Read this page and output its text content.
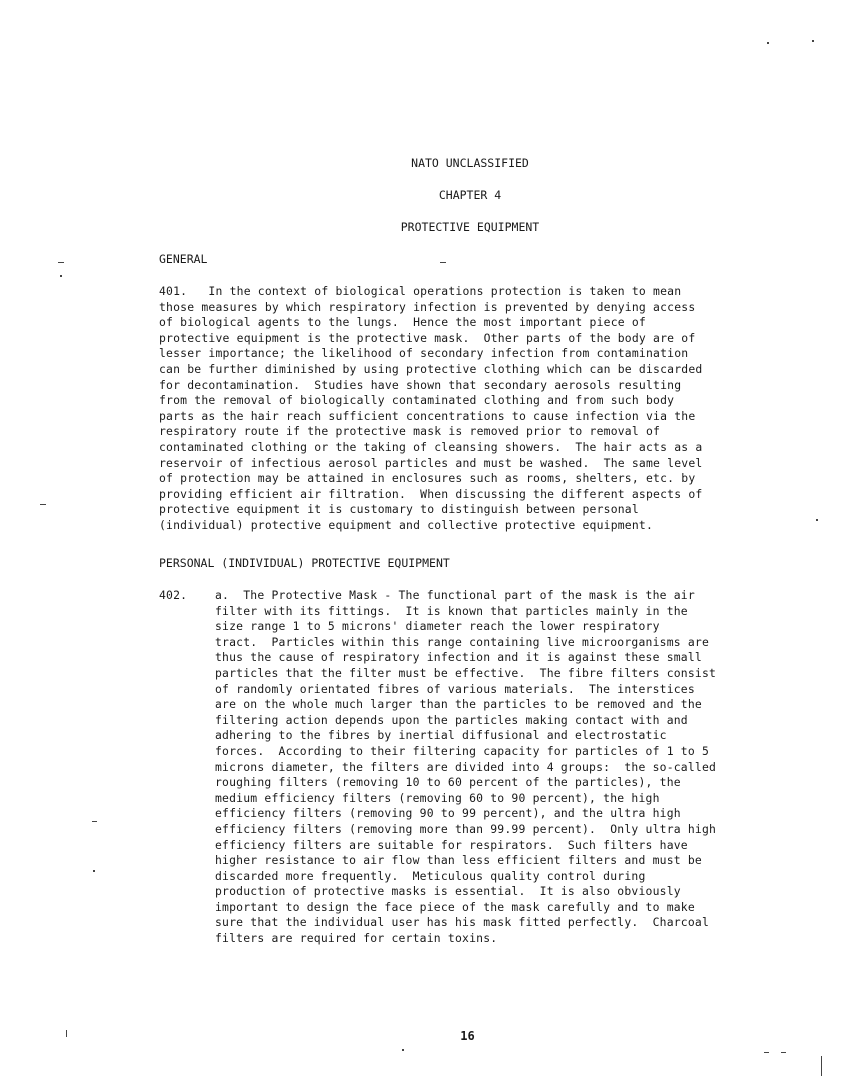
NATO UNCLASSIFIED
CHAPTER 4
PROTECTIVE EQUIPMENT
GENERAL
401.   In the context of biological operations protection is taken to mean
those measures by which respiratory infection is prevented by denying access
of biological agents to the lungs.  Hence the most important piece of
protective equipment is the protective mask.  Other parts of the body are of
lesser importance; the likelihood of secondary infection from contamination
can be further diminished by using protective clothing which can be discarded
for decontamination.  Studies have shown that secondary aerosols resulting
from the removal of biologically contaminated clothing and from such body
parts as the hair reach sufficient concentrations to cause infection via the
respiratory route if the protective mask is removed prior to removal of
contaminated clothing or the taking of cleansing showers.  The hair acts as a
reservoir of infectious aerosol particles and must be washed.  The same level
of protection may be attained in enclosures such as rooms, shelters, etc. by
providing efficient air filtration.  When discussing the different aspects of
protective equipment it is customary to distinguish between personal
(individual) protective equipment and collective protective equipment.
PERSONAL (INDIVIDUAL) PROTECTIVE EQUIPMENT
402. a.  The Protective Mask - The functional part of the mask is the air
filter with its fittings.  It is known that particles mainly in the
size range 1 to 5 microns' diameter reach the lower respiratory
tract.  Particles within this range containing live microorganisms are
thus the cause of respiratory infection and it is against these small
particles that the filter must be effective.  The fibre filters consist
of randomly orientated fibres of various materials.  The interstices
are on the whole much larger than the particles to be removed and the
filtering action depends upon the particles making contact with and
adhering to the fibres by inertial diffusional and electrostatic
forces.  According to their filtering capacity for particles of 1 to 5
microns diameter, the filters are divided into 4 groups:  the so-called
roughing filters (removing 10 to 60 percent of the particles), the
medium efficiency filters (removing 60 to 90 percent), the high
efficiency filters (removing 90 to 99 percent), and the ultra high
efficiency filters (removing more than 99.99 percent).  Only ultra high
efficiency filters are suitable for respirators.  Such filters have
higher resistance to air flow than less efficient filters and must be
discarded more frequently.  Meticulous quality control during
production of protective masks is essential.  It is also obviously
important to design the face piece of the mask carefully and to make
sure that the individual user has his mask fitted perfectly.  Charcoal
filters are required for certain toxins.
16
